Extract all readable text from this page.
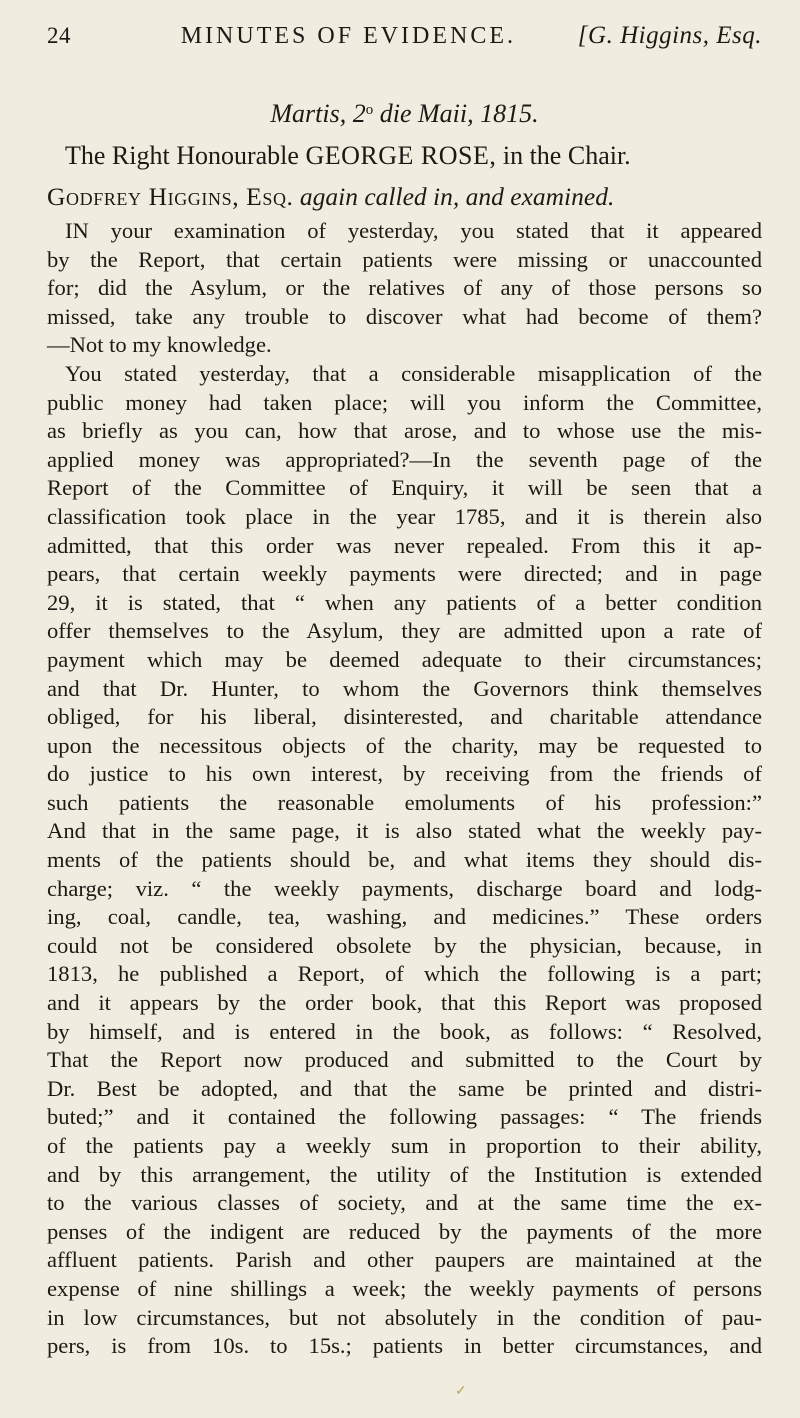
24	MINUTES OF EVIDENCE.	[G. Higgins, Esq.
Martis, 2$^o$ die Maii, 1815.
The Right Honourable GEORGE ROSE, in the Chair.
Godfrey Higgins, Esq. again called in, and examined.

IN your examination of yesterday, you stated that it appeared
by the Report, that certain patients were missing or unaccounted
for; did the Asylum, or the relatives of any of those persons so
missed, take any trouble to discover what had become of them?
—Not to my knowledge.

You stated yesterday, that a considerable misapplication of the
public money had taken place; will you inform the Committee,
as briefly as you can, how that arose, and to whose use the mis-
applied money was appropriated?—In the seventh page of the
Report of the Committee of Enquiry, it will be seen that a
classification took place in the year 1785, and it is therein also
admitted, that this order was never repealed. From this it ap-
pears, that certain weekly payments were directed; and in page
29, it is stated, that “ when any patients of a better condition
offer themselves to the Asylum, they are admitted upon a rate of
payment which may be deemed adequate to their circumstances;
and that Dr. Hunter, to whom the Governors think themselves
obliged, for his liberal, disinterested, and charitable attendance
upon the necessitous objects of the charity, may be requested to
do justice to his own interest, by receiving from the friends of
such patients the reasonable emoluments of his profession:”
And that in the same page, it is also stated what the weekly pay-
ments of the patients should be, and what items they should dis-
charge; viz. “ the weekly payments, discharge board and lodg-
ing, coal, candle, tea, washing, and medicines.” These orders
could not be considered obsolete by the physician, because, in
1813, he published a Report, of which the following is a part;
and it appears by the order book, that this Report was proposed
by himself, and is entered in the book, as follows: “ Resolved,
That the Report now produced and submitted to the Court by
Dr. Best be adopted, and that the same be printed and distri-
buted;” and it contained the following passages: “ The friends
of the patients pay a weekly sum in proportion to their ability,
and by this arrangement, the utility of the Institution is extended
to the various classes of society, and at the same time the ex-
penses of the indigent are reduced by the payments of the more
affluent patients. Parish and other paupers are maintained at the
expense of nine shillings a week; the weekly payments of persons
in low circumstances, but not absolutely in the condition of pau-
pers, is from 10s. to 15s.; patients in better circumstances, and

✓
